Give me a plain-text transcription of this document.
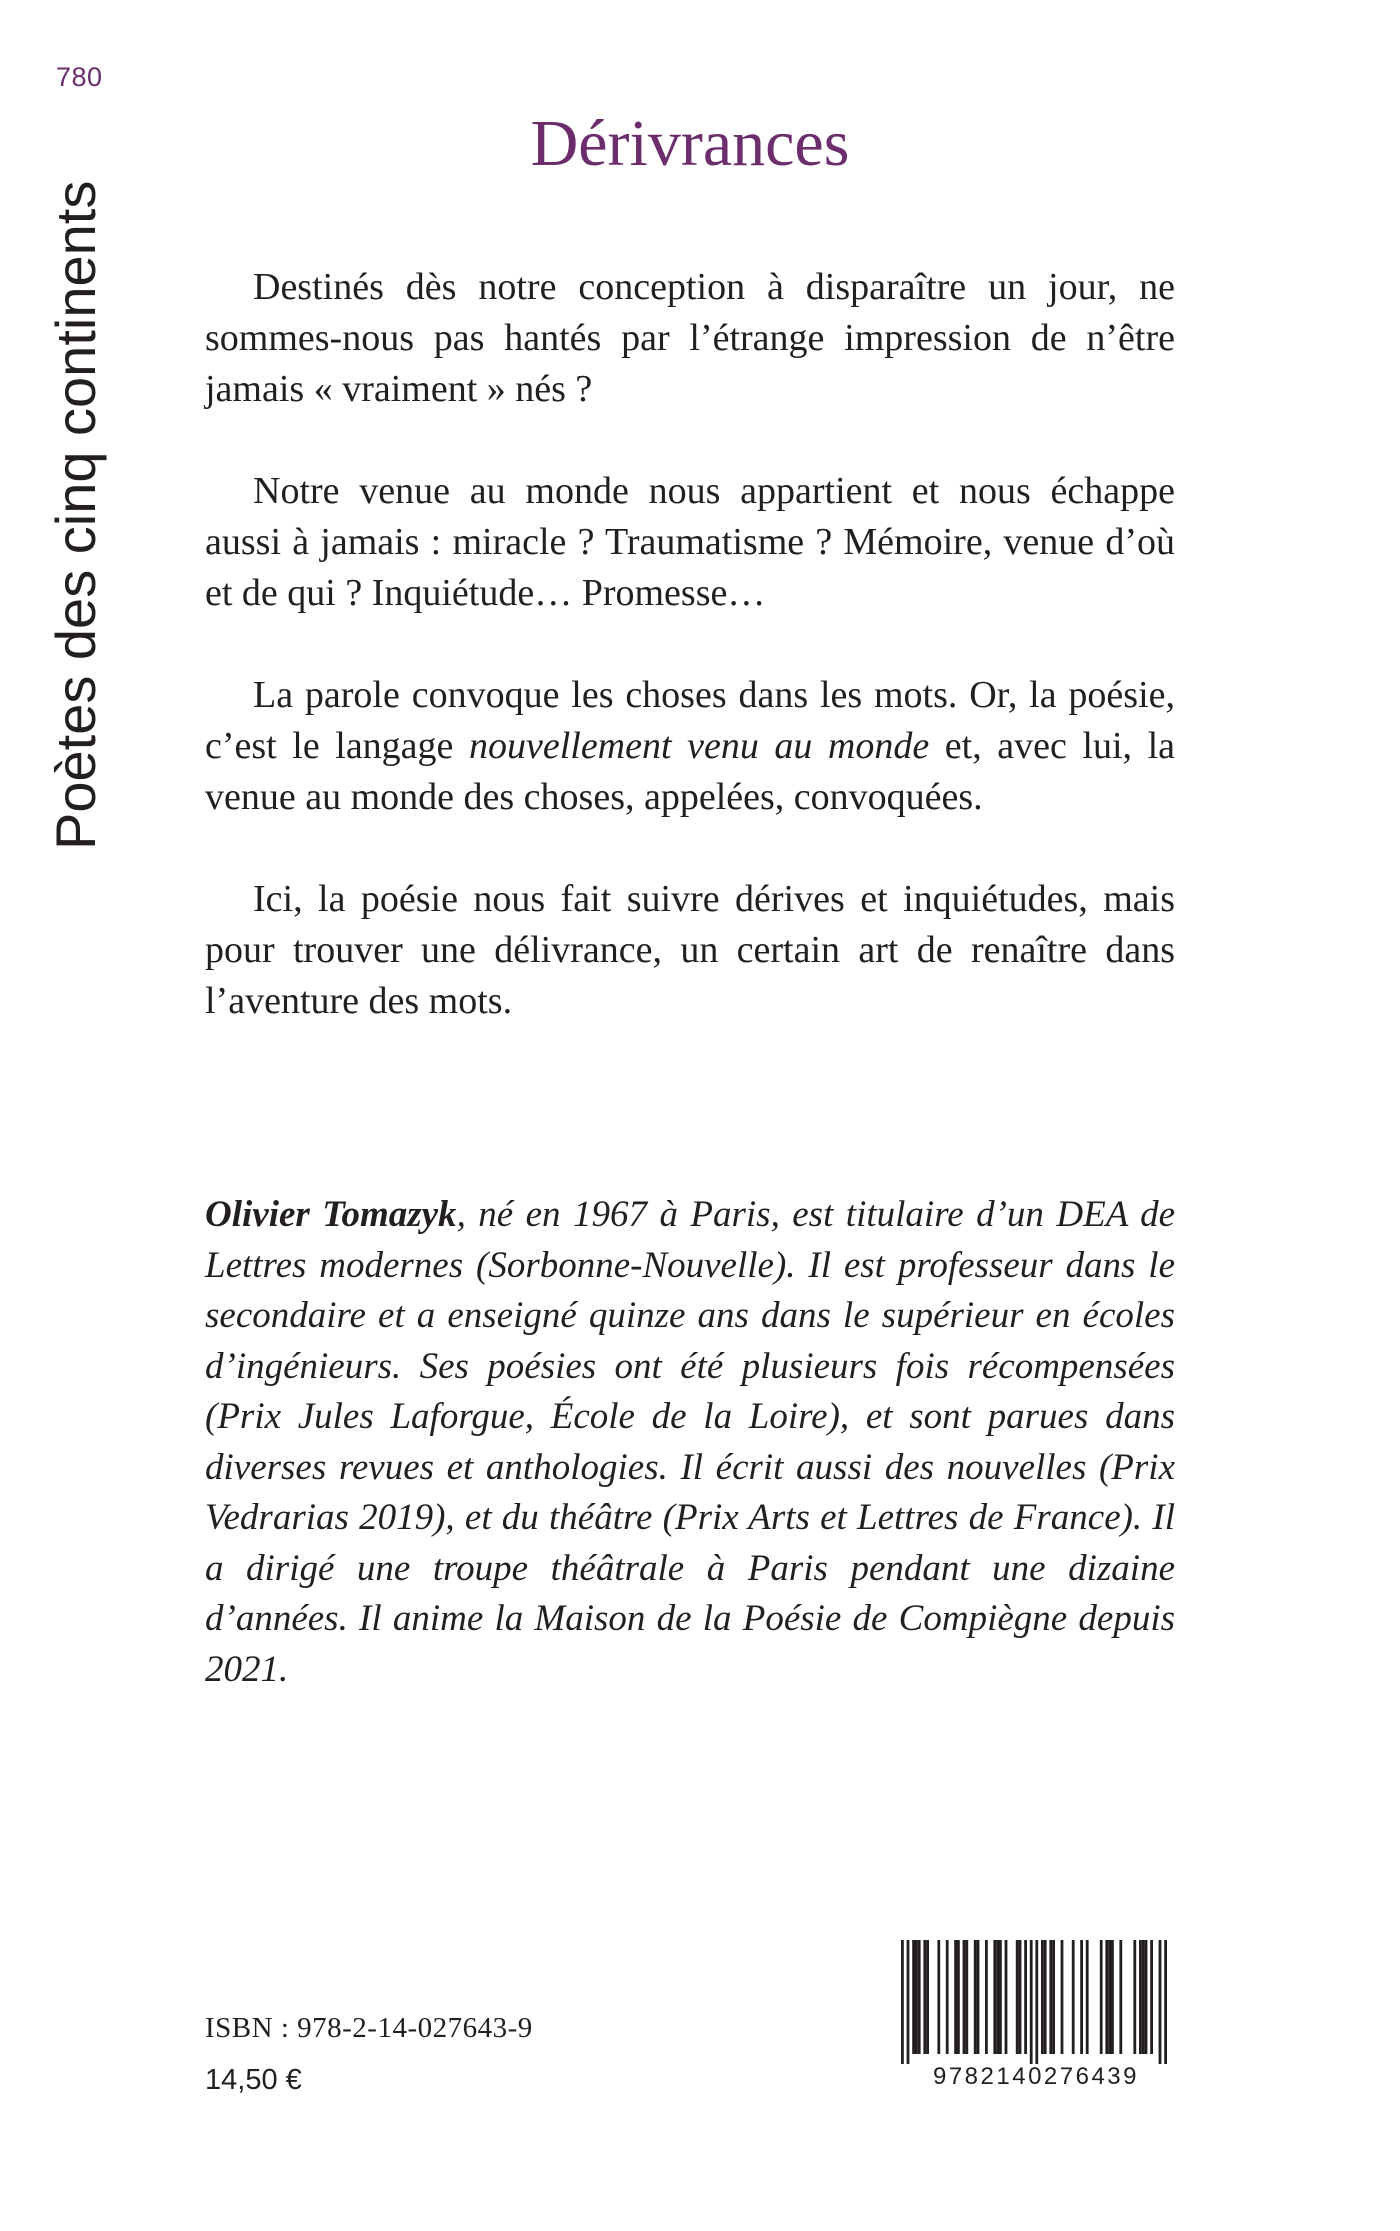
780
Poètes des cinq continents
Dérivrances

Destinés dès notre conception à disparaître un jour, ne sommes-nous pas hantés par l’étrange impression de n’être jamais « vraiment » nés ?

Notre venue au monde nous appartient et nous échappe aussi à jamais : miracle ? Traumatisme ? Mémoire, venue d’où et de qui ? Inquiétude… Promesse…

La parole convoque les choses dans les mots. Or, la poésie, c’est le langage nouvellement venu au monde et, avec lui, la venue au monde des choses, appelées, convoquées.

Ici, la poésie nous fait suivre dérives et inquiétudes, mais pour trouver une délivrance, un certain art de renaître dans l’aventure des mots.

Olivier Tomazyk, né en 1967 à Paris, est titulaire d’un DEA de Lettres modernes (Sorbonne-Nouvelle). Il est professeur dans le secondaire et a enseigné quinze ans dans le supérieur en écoles d’ingénieurs. Ses poésies ont été plusieurs fois récompensées (Prix Jules Laforgue, École de la Loire), et sont parues dans diverses revues et anthologies. Il écrit aussi des nouvelles (Prix Vedrarias 2019), et du théâtre (Prix Arts et Lettres de France). Il a dirigé une troupe théâtrale à Paris pendant une dizaine d’années. Il anime la Maison de la Poésie de Compiègne depuis 2021.

ISBN : 978-2-14-027643-9
14,50 €	9782140276439
